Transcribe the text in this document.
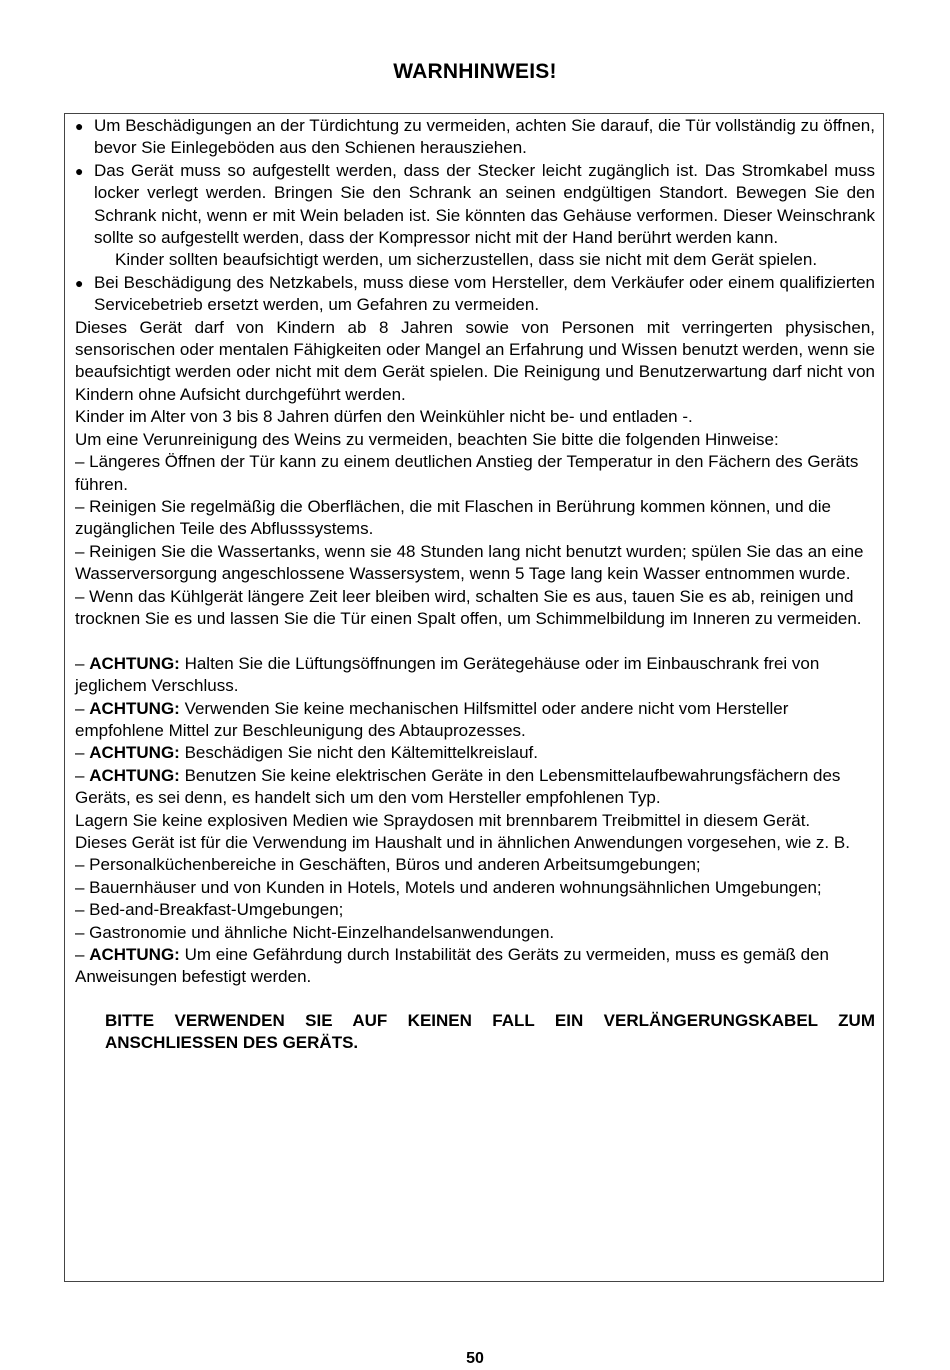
WARNHINWEIS!
● Um Beschädigungen an der Türdichtung zu vermeiden, achten Sie darauf, die Tür vollständig zu öffnen, bevor Sie Einlegeböden aus den Schienen herausziehen.
● Das Gerät muss so aufgestellt werden, dass der Stecker leicht zugänglich ist. Das Stromkabel muss locker verlegt werden. Bringen Sie den Schrank an seinen endgültigen Standort. Bewegen Sie den Schrank nicht, wenn er mit Wein beladen ist. Sie könnten das Gehäuse verformen. Dieser Weinschrank sollte so aufgestellt werden, dass der Kompressor nicht mit der Hand berührt werden kann.
Kinder sollten beaufsichtigt werden, um sicherzustellen, dass sie nicht mit dem Gerät spielen.
● Bei Beschädigung des Netzkabels, muss diese vom Hersteller, dem Verkäufer oder einem qualifizierten Servicebetrieb ersetzt werden, um Gefahren zu vermeiden.
Dieses Gerät darf von Kindern ab 8 Jahren sowie von Personen mit verringerten physischen, sensorischen oder mentalen Fähigkeiten oder Mangel an Erfahrung und Wissen benutzt werden, wenn sie beaufsichtigt werden oder nicht mit dem Gerät spielen. Die Reinigung und Benutzerwartung darf nicht von Kindern ohne Aufsicht durchgeführt werden.
Kinder im Alter von 3 bis 8 Jahren dürfen den Weinkühler nicht be- und entladen -.
Um eine Verunreinigung des Weins zu vermeiden, beachten Sie bitte die folgenden Hinweise:
– Längeres Öffnen der Tür kann zu einem deutlichen Anstieg der Temperatur in den Fächern des Geräts führen.
– Reinigen Sie regelmäßig die Oberflächen, die mit Flaschen in Berührung kommen können, und die zugänglichen Teile des Abflusssystems.
– Reinigen Sie die Wassertanks, wenn sie 48 Stunden lang nicht benutzt wurden; spülen Sie das an eine Wasserversorgung angeschlossene Wassersystem, wenn 5 Tage lang kein Wasser entnommen wurde.
– Wenn das Kühlgerät längere Zeit leer bleiben wird, schalten Sie es aus, tauen Sie es ab, reinigen und trocknen Sie es und lassen Sie die Tür einen Spalt offen, um Schimmelbildung im Inneren zu vermeiden.
– ACHTUNG: Halten Sie die Lüftungsöffnungen im Gerätegehäuse oder im Einbauschrank frei von jeglichem Verschluss.
– ACHTUNG: Verwenden Sie keine mechanischen Hilfsmittel oder andere nicht vom Hersteller empfohlene Mittel zur Beschleunigung des Abtauprozesses.
– ACHTUNG: Beschädigen Sie nicht den Kältemittelkreislauf.
– ACHTUNG: Benutzen Sie keine elektrischen Geräte in den Lebensmittelaufbewahrungsfächern des Geräts, es sei denn, es handelt sich um den vom Hersteller empfohlenen Typ.
Lagern Sie keine explosiven Medien wie Spraydosen mit brennbarem Treibmittel in diesem Gerät.
Dieses Gerät ist für die Verwendung im Haushalt und in ähnlichen Anwendungen vorgesehen, wie z. B.
– Personalküchenbereiche in Geschäften, Büros und anderen Arbeitsumgebungen;
– Bauernhäuser und von Kunden in Hotels, Motels und anderen wohnungsähnlichen Umgebungen;
– Bed-and-Breakfast-Umgebungen;
– Gastronomie und ähnliche Nicht-Einzelhandelsanwendungen.
– ACHTUNG: Um eine Gefährdung durch Instabilität des Geräts zu vermeiden, muss es gemäß den Anweisungen befestigt werden.
BITTE VERWENDEN SIE AUF KEINEN FALL EIN VERLÄNGERUNGSKABEL ZUM ANSCHLIESSEN DES GERÄTS.
50
